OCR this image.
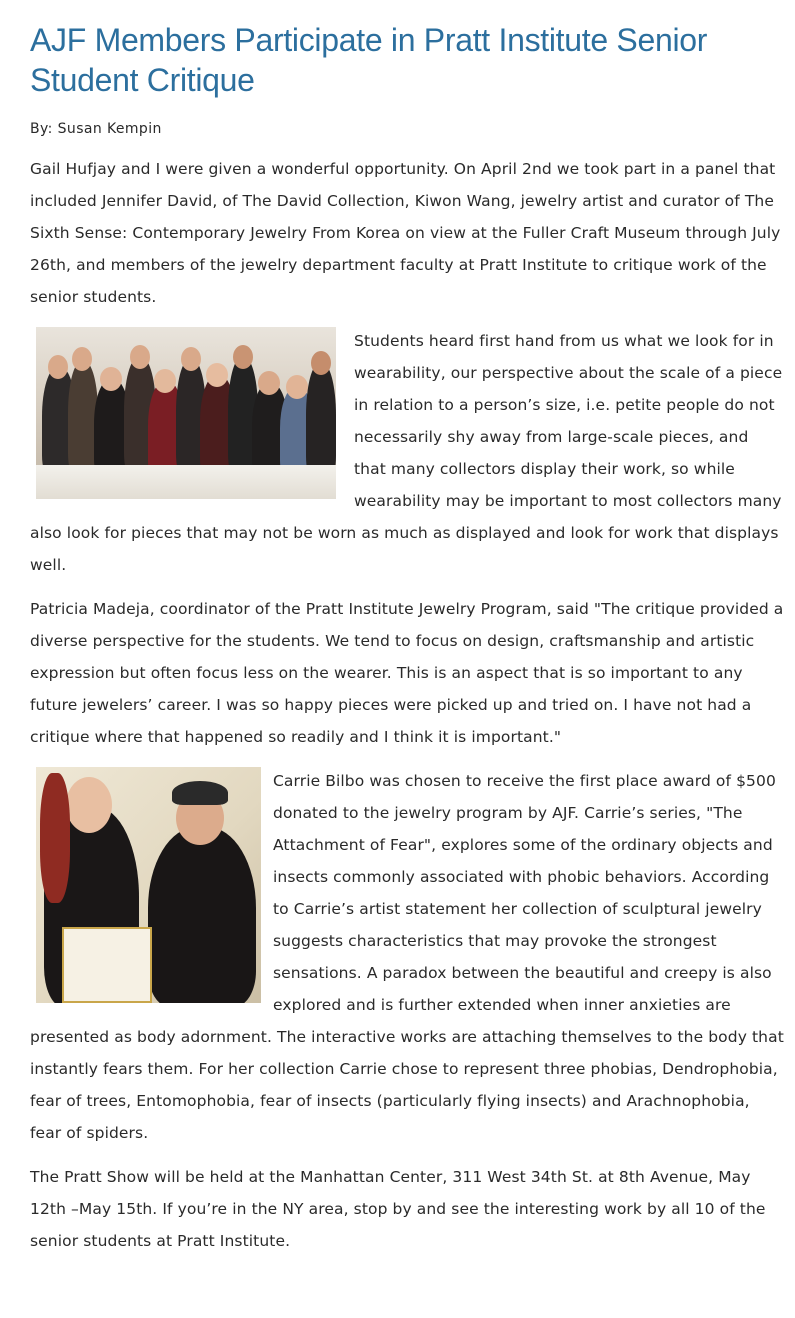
AJF Members Participate in Pratt Institute Senior Student Critique
By: Susan Kempin

Gail Hufjay and I were given a wonderful opportunity. On April 2nd we took part in a panel that included Jennifer David, of The David Collection, Kiwon Wang, jewelry artist and curator of The Sixth Sense: Contemporary Jewelry From Korea on view at the Fuller Craft Museum through July 26th, and members of the jewelry department faculty at Pratt Institute to critique work of the senior students.

Students heard first hand from us what we look for in wearability, our perspective about the scale of a piece in relation to a person’s size, i.e. petite people do not necessarily shy away from large-scale pieces, and that many collectors display their work, so while wearability may be important to most collectors many also look for pieces that may not be worn as much as displayed and look for work that displays well.

Patricia Madeja, coordinator of the Pratt Institute Jewelry Program, said "The critique provided a diverse perspective for the students. We tend to focus on design, craftsmanship and artistic expression but often focus less on the wearer. This is an aspect that is so important to any future jewelers’ career. I was so happy pieces were picked up and tried on. I have not had a critique where that happened so readily and I think it is important."

Carrie Bilbo was chosen to receive the first place award of $500 donated to the jewelry program by AJF. Carrie’s series, "The Attachment of Fear", explores some of the ordinary objects and insects commonly associated with phobic behaviors. According to Carrie’s artist statement her collection of sculptural jewelry suggests characteristics that may provoke the strongest sensations. A paradox between the beautiful and creepy is also explored and is further extended when inner anxieties are presented as body adornment. The interactive works are attaching themselves to the body that instantly fears them. For her collection Carrie chose to represent three phobias, Dendrophobia, fear of trees, Entomophobia, fear of insects (particularly flying insects) and Arachnophobia, fear of spiders.

The Pratt Show will be held at the Manhattan Center, 311 West 34th St. at 8th Avenue, May 12th –May 15th. If you’re in the NY area, stop by and see the interesting work by all 10 of the senior students at Pratt Institute.
